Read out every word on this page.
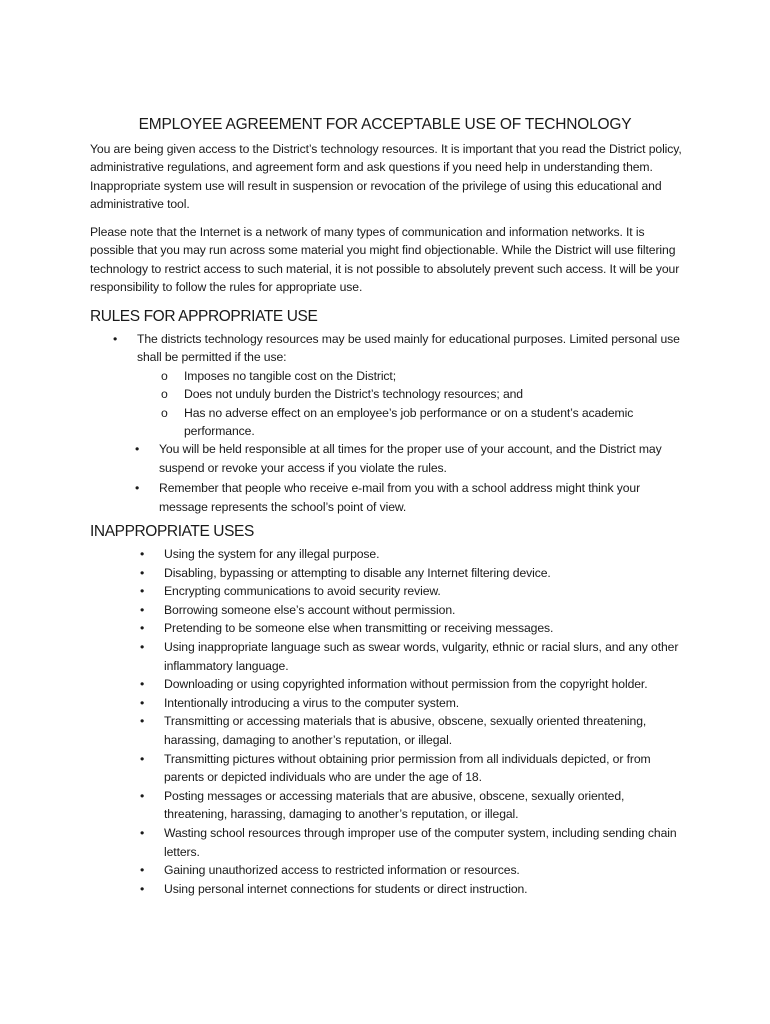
EMPLOYEE AGREEMENT FOR ACCEPTABLE USE OF TECHNOLOGY

You are being given access to the District’s technology resources. It is important that you read the District policy, administrative regulations, and agreement form and ask questions if you need help in understanding them. Inappropriate system use will result in suspension or revocation of the privilege of using this educational and administrative tool.

Please note that the Internet is a network of many types of communication and information networks. It is possible that you may run across some material you might find objectionable. While the District will use filtering technology to restrict access to such material, it is not possible to absolutely prevent such access. It will be your responsibility to follow the rules for appropriate use.

RULES FOR APPROPRIATE USE
•	The districts technology resources may be used mainly for educational purposes. Limited personal use shall be permitted if the use:
o Imposes no tangible cost on the District;
o Does not unduly burden the District’s technology resources; and
o Has no adverse effect on an employee’s job performance or on a student’s academic performance.
•	You will be held responsible at all times for the proper use of your account, and the District may suspend or revoke your access if you violate the rules.
•	Remember that people who receive e-mail from you with a school address might think your message represents the school’s point of view.
INAPPROPRIATE USES
• Using the system for any illegal purpose.
• Disabling, bypassing or attempting to disable any Internet filtering device.
• Encrypting communications to avoid security review.
• Borrowing someone else’s account without permission.
• Pretending to be someone else when transmitting or receiving messages.
• Using inappropriate language such as swear words, vulgarity, ethnic or racial slurs, and any other inflammatory language.
• Downloading or using copyrighted information without permission from the copyright holder.
• Intentionally introducing a virus to the computer system.
• Transmitting or accessing materials that is abusive, obscene, sexually oriented threatening, harassing, damaging to another’s reputation, or illegal.
• Transmitting pictures without obtaining prior permission from all individuals depicted, or from parents or depicted individuals who are under the age of 18.
• Posting messages or accessing materials that are abusive, obscene, sexually oriented, threatening, harassing, damaging to another’s reputation, or illegal.
• Wasting school resources through improper use of the computer system, including sending chain letters.
• Gaining unauthorized access to restricted information or resources.
• Using personal internet connections for students or direct instruction.
